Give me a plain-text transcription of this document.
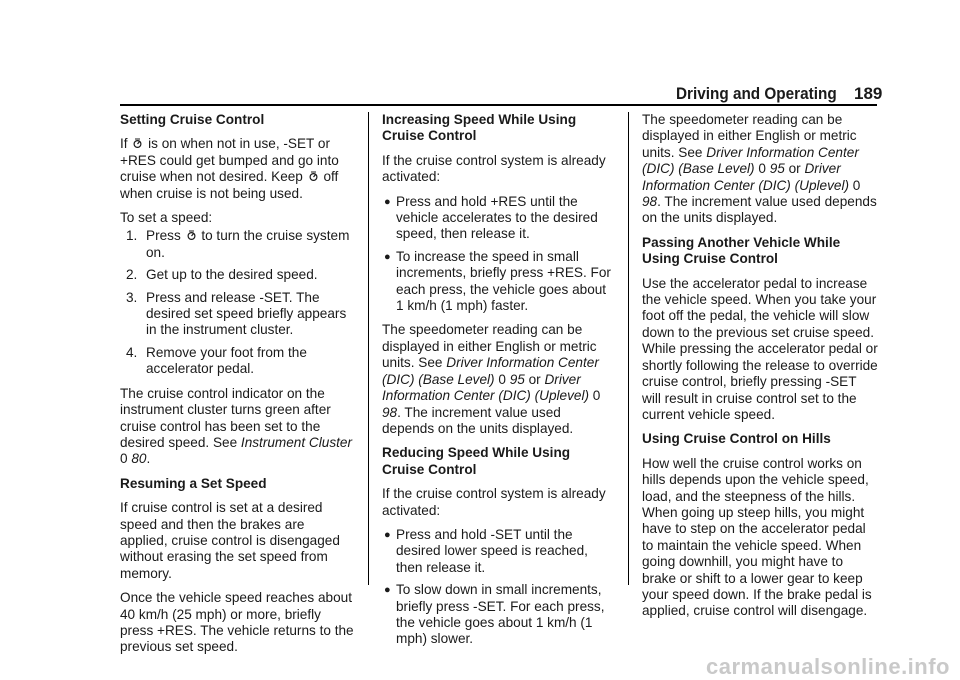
Driving and Operating 189

Setting Cruise Control

If is on when not in use, -SET or +RES could get bumped and go into cruise when not desired. Keep off when cruise is not being used.

To set a speed:

1. Press to turn the cruise system on.
2. Get up to the desired speed.
3. Press and release -SET. The desired set speed briefly appears in the instrument cluster.
4. Remove your foot from the accelerator pedal.

The cruise control indicator on the instrument cluster turns green after cruise control has been set to the desired speed. See Instrument Cluster 0 80.

Resuming a Set Speed

If cruise control is set at a desired speed and then the brakes are applied, cruise control is disengaged without erasing the set speed from memory.

Once the vehicle speed reaches about 40 km/h (25 mph) or more, briefly press +RES. The vehicle returns to the previous set speed.

Increasing Speed While Using Cruise Control

If the cruise control system is already activated:

● Press and hold +RES until the vehicle accelerates to the desired speed, then release it.
● To increase the speed in small increments, briefly press +RES. For each press, the vehicle goes about 1 km/h (1 mph) faster.

The speedometer reading can be displayed in either English or metric units. See Driver Information Center (DIC) (Base Level) 0 95 or Driver Information Center (DIC) (Uplevel) 0 98. The increment value used depends on the units displayed.

Reducing Speed While Using Cruise Control

If the cruise control system is already activated:

● Press and hold -SET until the desired lower speed is reached, then release it.
● To slow down in small increments, briefly press -SET. For each press, the vehicle goes about 1 km/h (1 mph) slower.

The speedometer reading can be displayed in either English or metric units. See Driver Information Center (DIC) (Base Level) 0 95 or Driver Information Center (DIC) (Uplevel) 0 98. The increment value used depends on the units displayed.

Passing Another Vehicle While Using Cruise Control

Use the accelerator pedal to increase the vehicle speed. When you take your foot off the pedal, the vehicle will slow down to the previous set cruise speed. While pressing the accelerator pedal or shortly following the release to override cruise control, briefly pressing -SET will result in cruise control set to the current vehicle speed.

Using Cruise Control on Hills

How well the cruise control works on hills depends upon the vehicle speed, load, and the steepness of the hills. When going up steep hills, you might have to step on the accelerator pedal to maintain the vehicle speed. When going downhill, you might have to brake or shift to a lower gear to keep your speed down. If the brake pedal is applied, cruise control will disengage.

carmanualsonline.info
